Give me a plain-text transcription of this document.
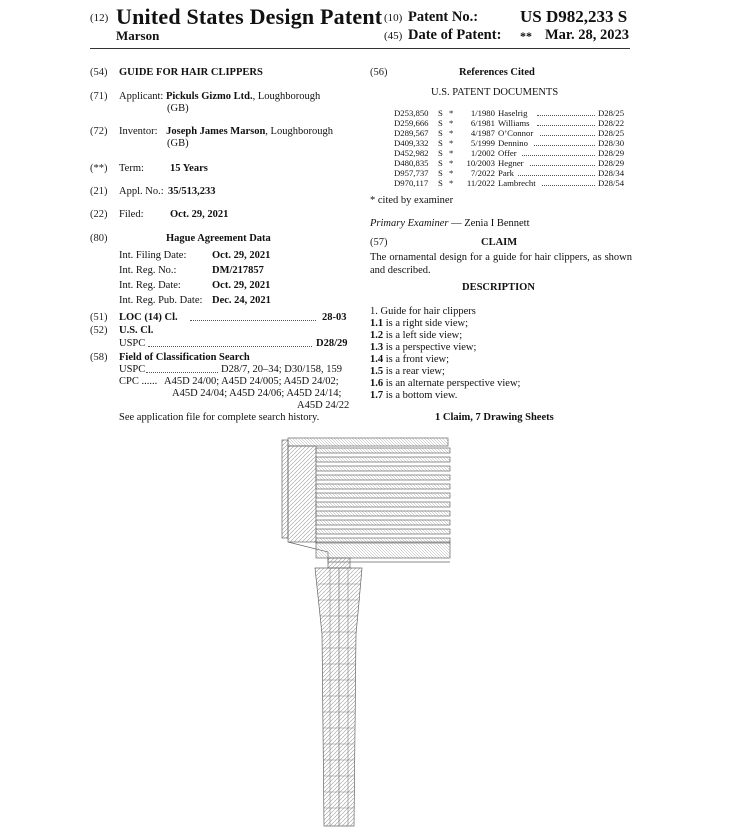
(12) United States Design Patent
Marson
(10) Patent No.: US D982,233 S
(45) Date of Patent: ** Mar. 28, 2023
(54) GUIDE FOR HAIR CLIPPERS
(71) Applicant: Pickuls Gizmo Ltd., Loughborough
(GB)
(72) Inventor: Joseph James Marson, Loughborough
(GB)
(**) Term: 15 Years
(21) Appl. No.: 35/513,233
(22) Filed:	Oct. 29, 2021
(80)	Hague Agreement Data
Int. Filing Date: Oct. 29, 2021
Int. Reg. No.:	DM/217857
Int. Reg. Date:	Oct. 29, 2021
Int. Reg. Pub. Date: Dec. 24, 2021
(51) LOC (14) Cl.	28-03
(52) U.S. Cl.
USPC	D28/29
(58) Field of Classification Search
USPC	D28/7, 20–34; D30/158, 159
CPC ...... A45D 24/00; A45D 24/005; A45D 24/02;
A45D 24/04; A45D 24/06; A45D 24/14;
A45D 24/22
See application file for complete search history.
(56)	References Cited
U.S. PATENT DOCUMENTS
D253,850 S *	1/1980 Haselrig	D28/25
D259,666 S *	6/1981 Williams	D28/22
D289,567 S *	4/1987 O’Connor	D28/25
D409,332 S *	5/1999 Dennino	D28/30
D452,982 S *	1/2002 Offer	D28/29
D480,835 S *	10/2003 Hegner	D28/29
D957,737 S *	7/2022 Park	D28/34
D970,117 S *	11/2022 Lambrecht	D28/54
* cited by examiner
Primary Examiner — Zenia I Bennett
(57)	CLAIM
The ornamental design for a guide for hair clippers, as shown and described.
DESCRIPTION
1. Guide for hair clippers
1.1 is a right side view;
1.2 is a left side view;
1.3 is a perspective view;
1.4 is a front view;
1.5 is a rear view;
1.6 is an alternate perspective view;
1.7 is a bottom view.
1 Claim, 7 Drawing Sheets
